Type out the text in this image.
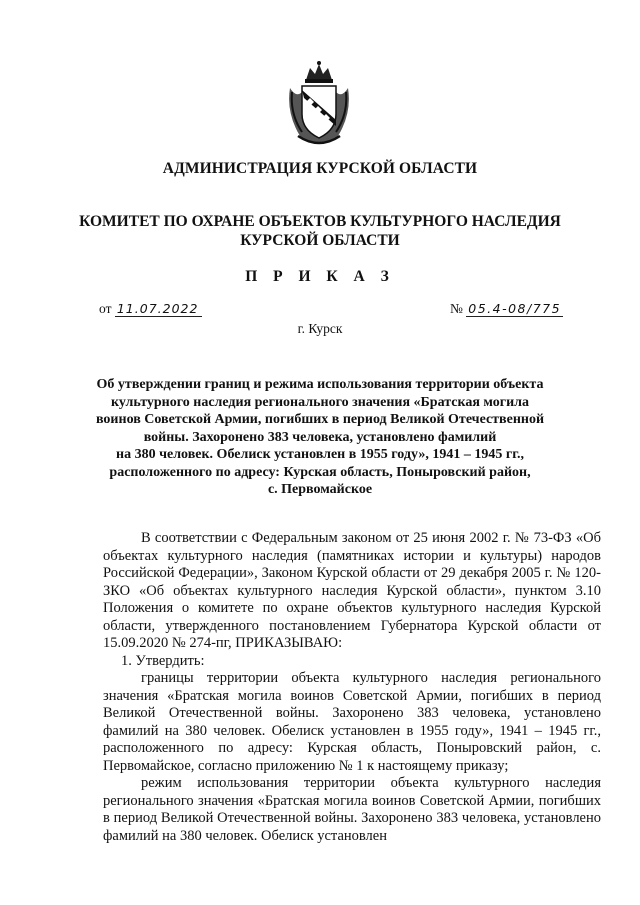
АДМИНИСТРАЦИЯ КУРСКОЙ ОБЛАСТИ
КОМИТЕТ ПО ОХРАНЕ ОБЪЕКТОВ КУЛЬТУРНОГО НАСЛЕДИЯ
КУРСКОЙ ОБЛАСТИ
П Р И К А З
от 11.07.2022	№ 05.4-08/775
г. Курск
Об утверждении границ и режима использования территории объекта
культурного наследия регионального значения «Братская могила
воинов Советской Армии, погибших в период Великой Отечественной
войны. Захоронено 383 человека, установлено фамилий
на 380 человек. Обелиск установлен в 1955 году», 1941 – 1945 гг.,
расположенного по адресу: Курская область, Поныровский район,
с. Первомайское

В соответствии с Федеральным законом от 25 июня 2002 г. № 73-ФЗ «Об объектах культурного наследия (памятниках истории и культуры) народов Российской Федерации», Законом Курской области от 29 декабря 2005 г. № 120-ЗКО «Об объектах культурного наследия Курской области», пунктом 3.10 Положения о комитете по охране объектов культурного наследия Курской области, утвержденного постановлением Губернатора Курской области от 15.09.2020 № 274-пг, ПРИКАЗЫВАЮ:

1. Утвердить:

границы территории объекта культурного наследия регионального значения «Братская могила воинов Советской Армии, погибших в период Великой Отечественной войны. Захоронено 383 человека, установлено фамилий на 380 человек. Обелиск установлен в 1955 году», 1941 – 1945 гг., расположенного по адресу: Курская область, Поныровский район, с. Первомайское, согласно приложению № 1 к настоящему приказу;

режим использования территории объекта культурного наследия регионального значения «Братская могила воинов Советской Армии, погибших в период Великой Отечественной войны. Захоронено 383 человека, установлено фамилий на 380 человек. Обелиск установлен
